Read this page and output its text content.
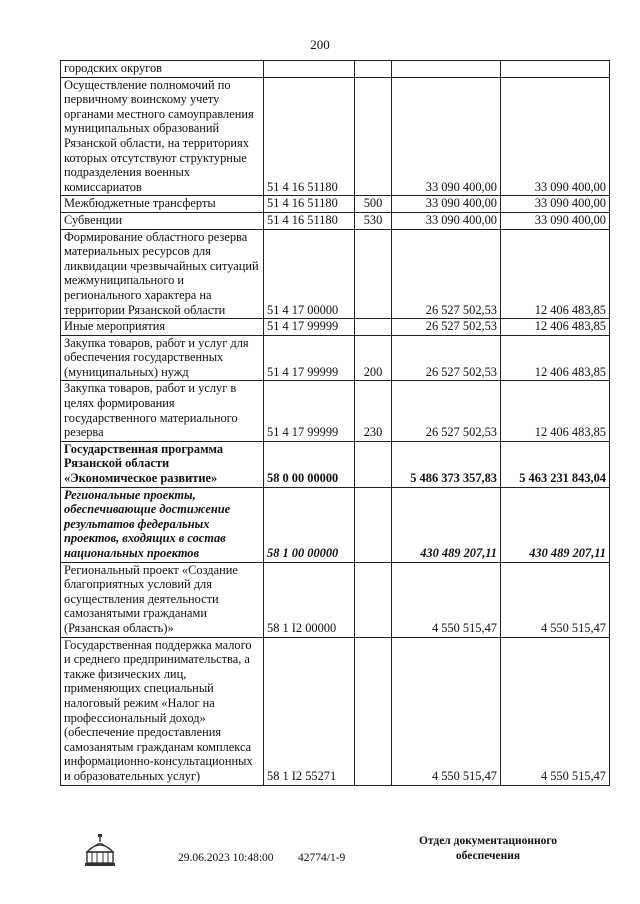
200
городских округов				
Осуществление полномочий по первичному воинскому учету органами местного самоуправления муниципальных образований Рязанской области, на территориях которых отсутствуют структурные подразделения военных комиссариатов	51 4 16 51180		33 090 400,00	33 090 400,00
Межбюджетные трансферты	51 4 16 51180	500	33 090 400,00	33 090 400,00
Субвенции	51 4 16 51180	530	33 090 400,00	33 090 400,00
Формирование областного резерва материальных ресурсов для ликвидации чрезвычайных ситуаций межмуниципального и регионального характера на территории Рязанской области	51 4 17 00000		26 527 502,53	12 406 483,85
Иные мероприятия	51 4 17 99999		26 527 502,53	12 406 483,85
Закупка товаров, работ и услуг для обеспечения государственных (муниципальных) нужд	51 4 17 99999	200	26 527 502,53	12 406 483,85
Закупка товаров, работ и услуг в целях формирования государственного материального резерва	51 4 17 99999	230	26 527 502,53	12 406 483,85
Государственная программа Рязанской области «Экономическое развитие»	58 0 00 00000		5 486 373 357,83	5 463 231 843,04
Региональные проекты, обеспечивающие достижение результатов федеральных проектов, входящих в состав национальных проектов	58 1 00 00000		430 489 207,11	430 489 207,11
Региональный проект «Создание благоприятных условий для осуществления деятельности самозанятыми гражданами (Рязанская область)»	58 1 I2 00000		4 550 515,47	4 550 515,47
Государственная поддержка малого и среднего предпринимательства, а также физических лиц, применяющих специальный налоговый режим «Налог на профессиональный доход» (обеспечение предоставления самозанятым гражданам комплекса информационно-консультационных и образовательных услуг)	58 1 I2 55271		4 550 515,47	4 550 515,47
29.06.2023 10:48:00 42774/1-9
Отдел документационного
обеспечения
